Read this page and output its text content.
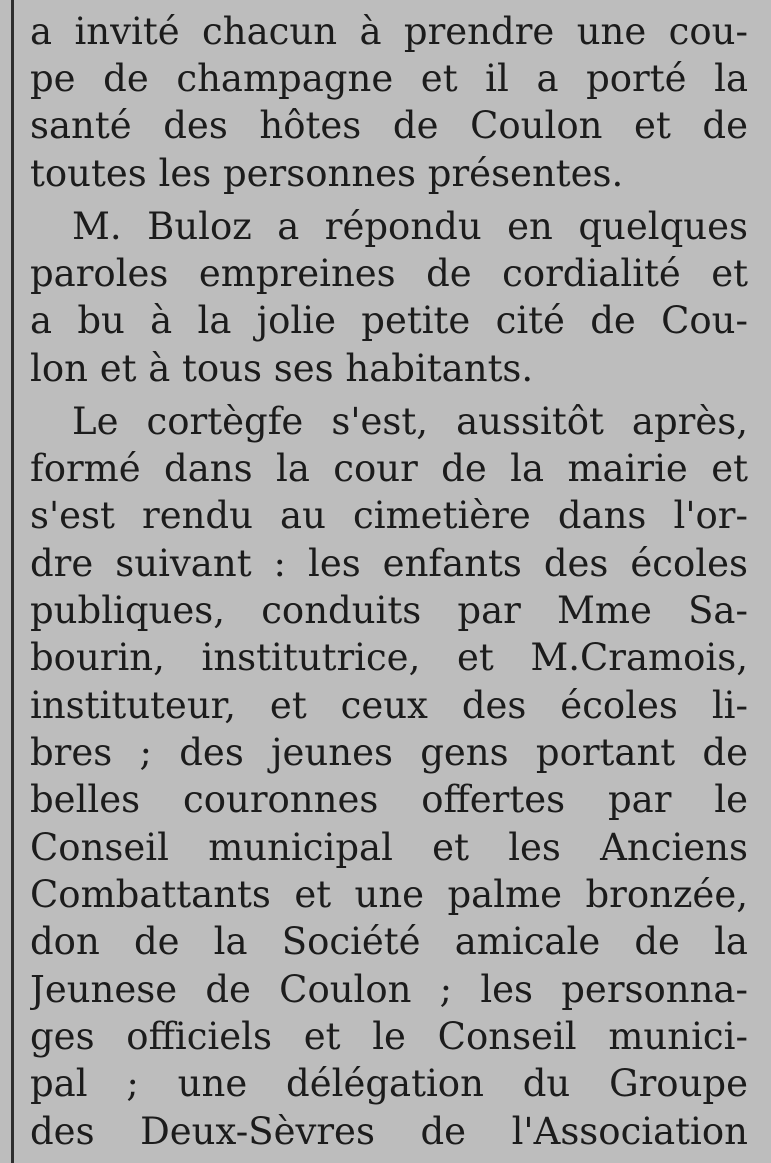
a invité chacun à prendre une cou-
pe de champagne et il a porté la
santé des hôtes de Coulon et de
toutes les personnes présentes.
M. Buloz a répondu en quelques
paroles empreines de cordialité et
a bu à la jolie petite cité de Cou-
lon et à tous ses habitants.
Le cortègfe s'est, aussitôt après,
formé dans la cour de la mairie et
s'est rendu au cimetière dans l'or-
dre suivant : les enfants des écoles
publiques, conduits par Mme Sa-
bourin, institutrice, et M.Cramois,
instituteur, et ceux des écoles li-
bres ; des jeunes gens portant de
belles couronnes offertes par le
Conseil municipal et les Anciens
Combattants et une palme bronzée,
don de la Société amicale de la
Jeunese de Coulon ; les personna-
ges officiels et le Conseil munici-
pal ; une délégation du Groupe
des Deux-Sèvres de l'Association
